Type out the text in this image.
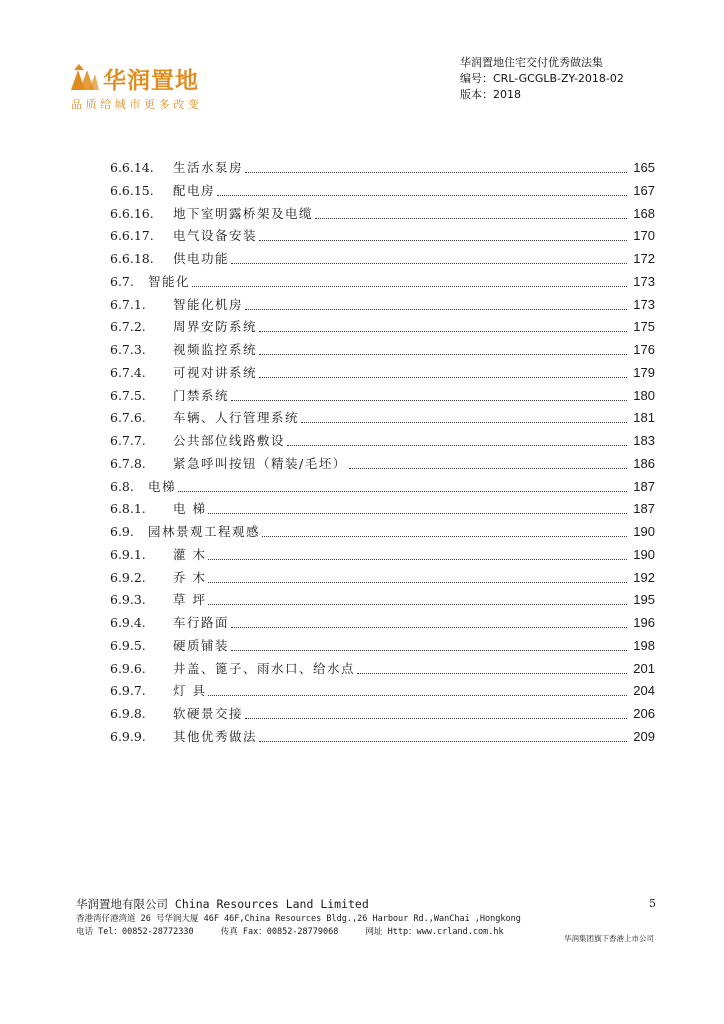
华润置地
品质给城市更多改变
华润置地住宅交付优秀做法集
编号：CRL-GCGLB-ZY-2018-02
版本：2018
6.6.14. 生活水泵房	165
6.6.15. 配电房	167
6.6.16. 地下室明露桥架及电缆	168
6.6.17. 电气设备安装	170
6.6.18. 供电功能	172
6.7. 智能化	173
6.7.1. 智能化机房	173
6.7.2. 周界安防系统	175
6.7.3. 视频监控系统	176
6.7.4. 可视对讲系统	179
6.7.5. 门禁系统	180
6.7.6. 车辆、人行管理系统	181
6.7.7. 公共部位线路敷设	183
6.7.8. 紧急呼叫按钮（精装/毛坯）	186
6.8. 电梯	187
6.8.1. 电 梯	187
6.9. 园林景观工程观感	190
6.9.1. 灌 木	190
6.9.2. 乔 木	192
6.9.3. 草 坪	195
6.9.4. 车行路面	196
6.9.5. 硬质铺装	198
6.9.6. 井盖、篦子、雨水口、给水点	201
6.9.7. 灯 具	204
6.9.8. 软硬景交接	206
6.9.9. 其他优秀做法	209
华润置地有限公司 China Resources Land Limited
香港湾仔港湾道 26 号华润大厦 46F 46F,China Resources Bldg.,26 Harbour Rd.,WanChai ,Hongkong
电话 Tel：00852-28772330	传真 Fax：00852-28779068	网址 Http：www.crland.com.hk
5
华润集团旗下香港上市公司
